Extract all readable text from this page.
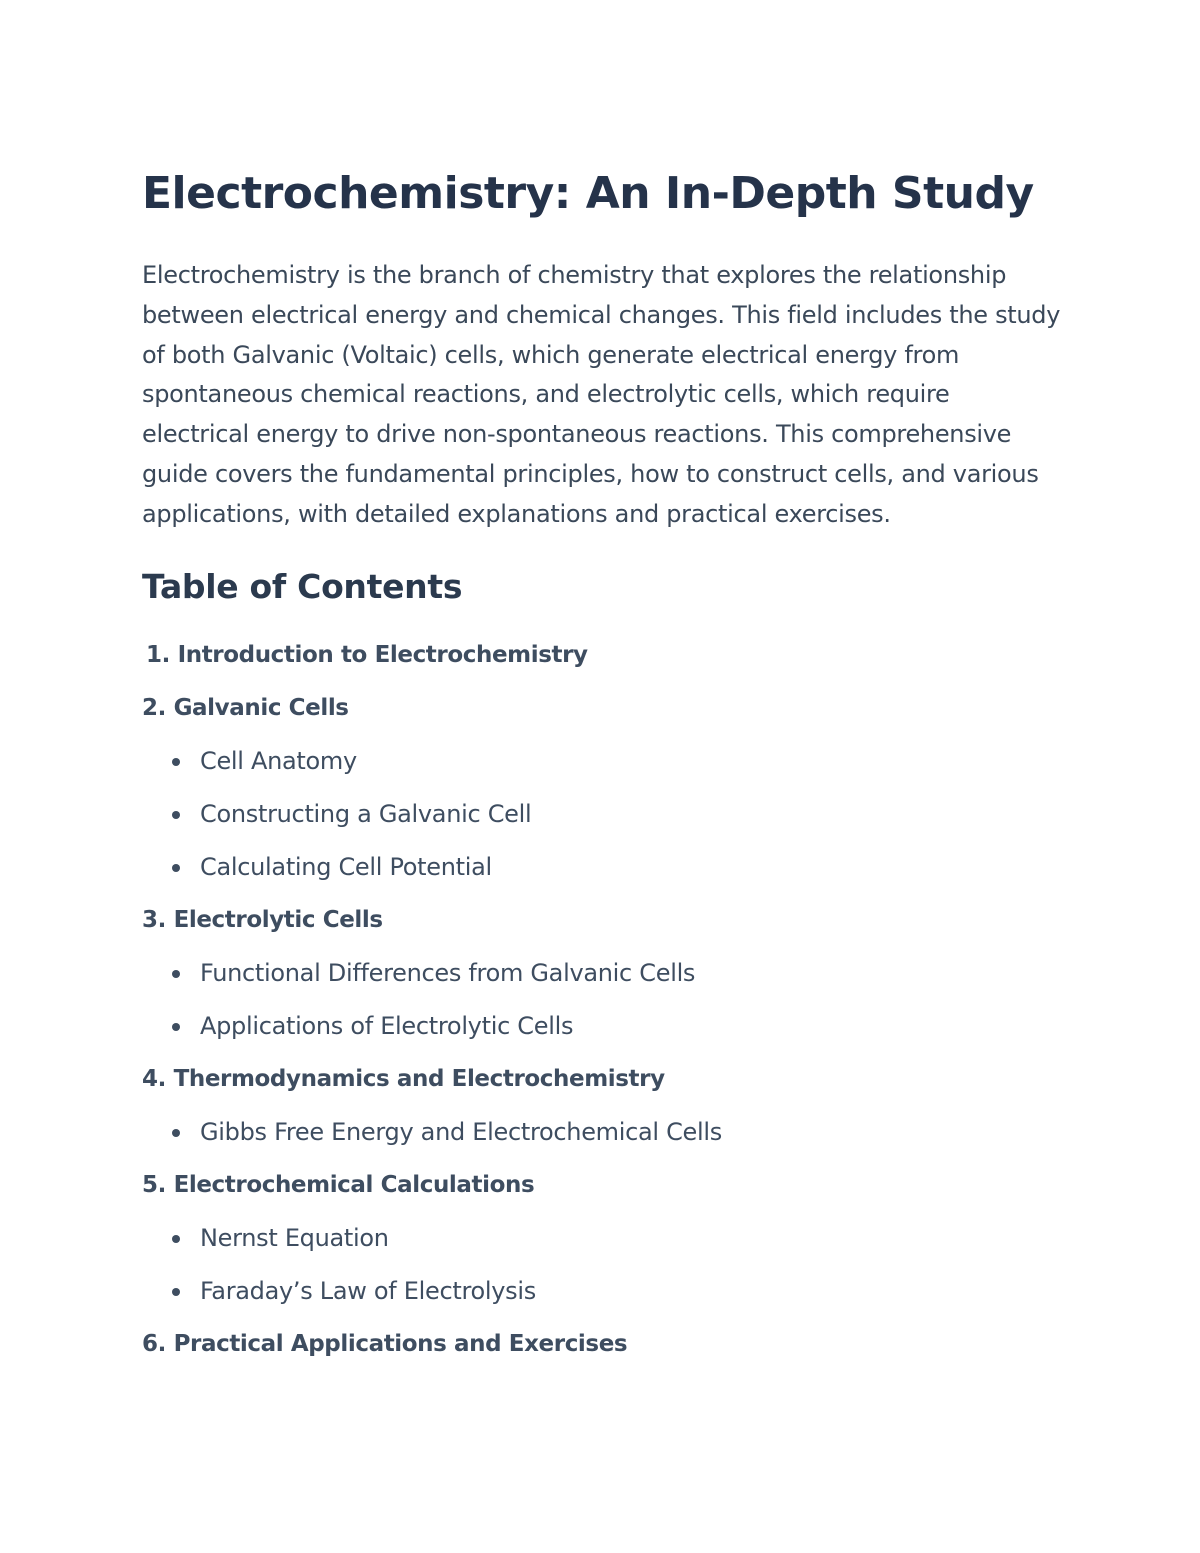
Electrochemistry: An In-Depth Study

Electrochemistry is the branch of chemistry that explores the relationship between electrical energy and chemical changes. This field includes the study of both Galvanic (Voltaic) cells, which generate electrical energy from spontaneous chemical reactions, and electrolytic cells, which require electrical energy to drive non-spontaneous reactions. This comprehensive guide covers the fundamental principles, how to construct cells, and various applications, with detailed explanations and practical exercises.

Table of Contents
1. Introduction to Electrochemistry
2. Galvanic Cells
Cell Anatomy
Constructing a Galvanic Cell
Calculating Cell Potential
3. Electrolytic Cells
Functional Differences from Galvanic Cells
Applications of Electrolytic Cells
4. Thermodynamics and Electrochemistry
Gibbs Free Energy and Electrochemical Cells
5. Electrochemical Calculations
Nernst Equation
Faraday’s Law of Electrolysis
6. Practical Applications and Exercises
